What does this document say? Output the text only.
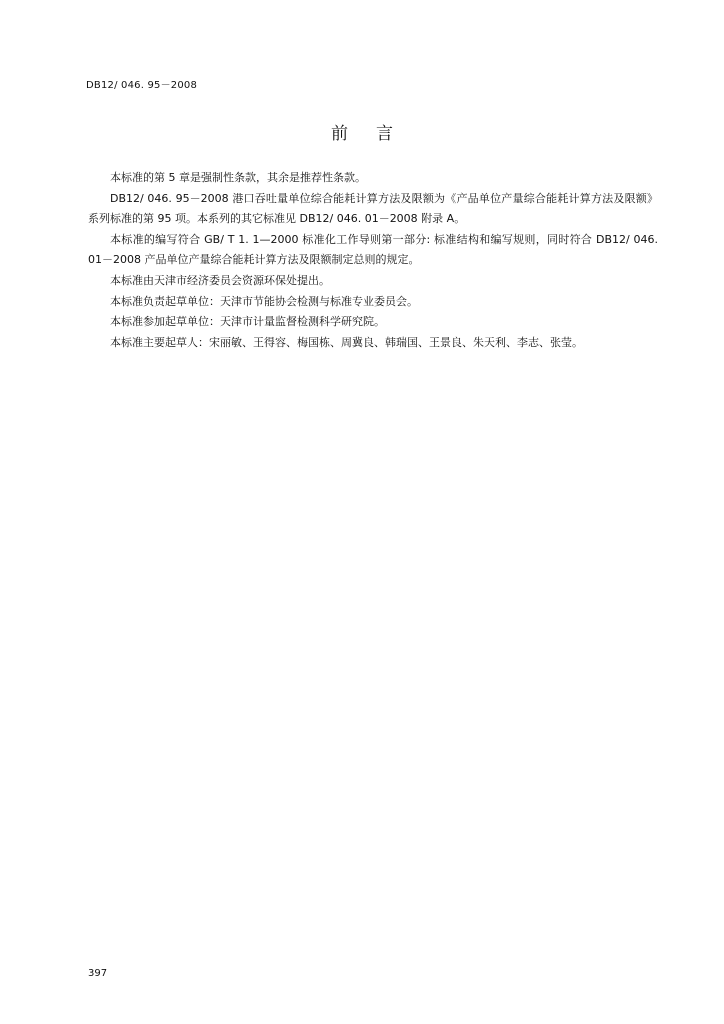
DB12/ 046. 95－2008
前言

本标准的第 5 章是强制性条款，其余是推荐性条款。

DB12/ 046. 95－2008 港口吞吐量单位综合能耗计算方法及限额为《产品单位产量综合能耗计算方法及限额》系列标准的第 95 项。本系列的其它标准见 DB12/ 046. 01－2008 附录 A。

本标准的编写符合 GB/ T 1. 1—2000 标准化工作导则第一部分: 标准结构和编写规则，同时符合 DB12/ 046. 01－2008 产品单位产量综合能耗计算方法及限额制定总则的规定。

本标准由天津市经济委员会资源环保处提出。

本标准负责起草单位：天津市节能协会检测与标准专业委员会。

本标准参加起草单位：天津市计量监督检测科学研究院。

本标准主要起草人：宋丽敏、王得容、梅国栋、周冀良、韩瑞国、王景良、朱天利、李志、张莹。

397
